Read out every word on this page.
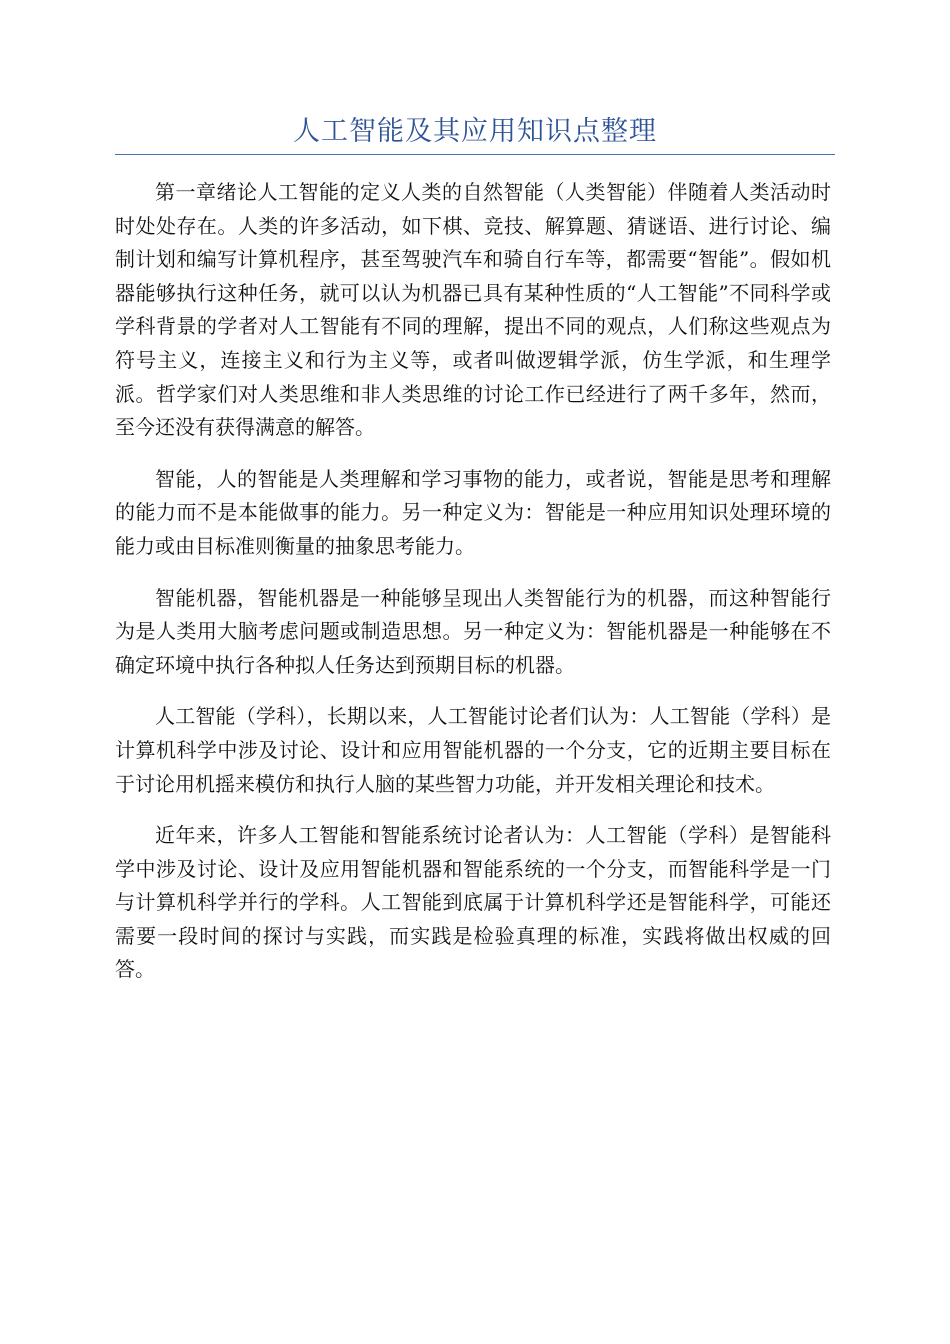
人工智能及其应用知识点整理

第一章绪论人工智能的定义人类的自然智能（人类智能）伴随着人类活动时时处处存在。人类的许多活动，如下棋、竞技、解算题、猜谜语、进行讨论、编制计划和编写计算机程序，甚至驾驶汽车和骑自行车等，都需要“智能”。假如机器能够执行这种任务，就可以认为机器已具有某种性质的“人工智能”不同科学或学科背景的学者对人工智能有不同的理解，提出不同的观点，人们称这些观点为符号主义，连接主义和行为主义等，或者叫做逻辑学派，仿生学派，和生理学派。哲学家们对人类思维和非人类思维的讨论工作已经进行了两千多年，然而，至今还没有获得满意的解答。

智能，人的智能是人类理解和学习事物的能力，或者说，智能是思考和理解的能力而不是本能做事的能力。另一种定义为：智能是一种应用知识处理环境的能力或由目标准则衡量的抽象思考能力。

智能机器，智能机器是一种能够呈现出人类智能行为的机器，而这种智能行为是人类用大脑考虑问题或制造思想。另一种定义为：智能机器是一种能够在不确定环境中执行各种拟人任务达到预期目标的机器。

人工智能（学科），长期以来，人工智能讨论者们认为：人工智能（学科）是计算机科学中涉及讨论、设计和应用智能机器的一个分支，它的近期主要目标在于讨论用机摇来模仿和执行人脑的某些智力功能，并开发相关理论和技术。

近年来，许多人工智能和智能系统讨论者认为：人工智能（学科）是智能科学中涉及讨论、设计及应用智能机器和智能系统的一个分支，而智能科学是一门与计算机科学并行的学科。人工智能到底属于计算机科学还是智能科学，可能还需要一段时间的探讨与实践，而实践是检验真理的标准，实践将做出权威的回答。
